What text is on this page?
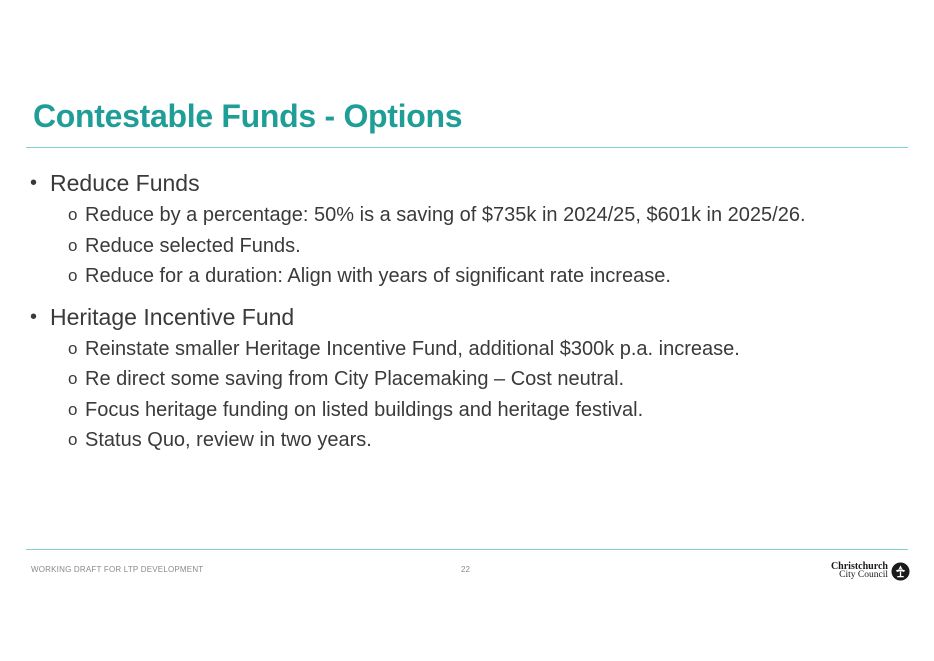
Contestable Funds - Options
• Reduce Funds
o Reduce by a percentage: 50% is a saving of $735k in 2024/25, $601k in 2025/26.
o Reduce selected Funds.
o Reduce for a duration: Align with years of significant rate increase.
• Heritage Incentive Fund
o Reinstate smaller Heritage Incentive Fund, additional $300k p.a. increase.
o Re direct some saving from City Placemaking – Cost neutral.
o Focus heritage funding on listed buildings and heritage festival.
o Status Quo, review in two years.
WORKING DRAFT FOR LTP DEVELOPMENT	22	Christchurch
City Council
